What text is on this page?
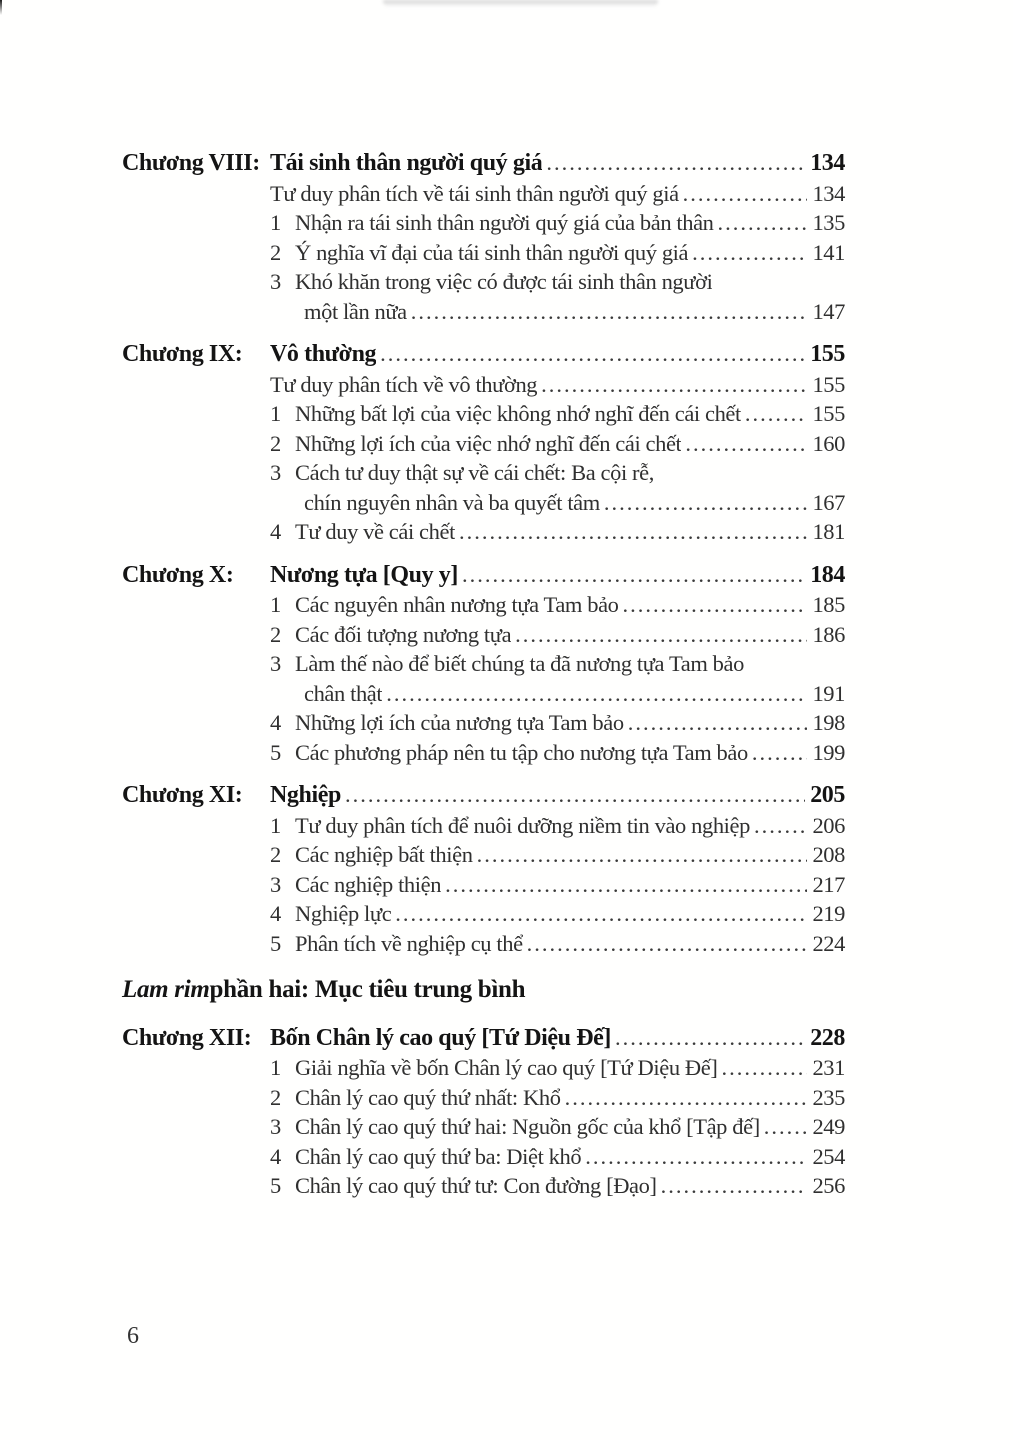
Chương VIII: Tái sinh thân người quý giá .....	134
Tư duy phân tích về tái sinh thân người quý giá .....	134
1 Nhận ra tái sinh thân người quý giá của bản thân .....	135
2 Ý nghĩa vĩ đại của tái sinh thân người quý giá .....	141
3 Khó khăn trong việc có được tái sinh thân người
một lần nữa .....	147
Chương IX:	Vô thường .....	155
Tư duy phân tích về vô thường .....	155
1 Những bất lợi của việc không nhớ nghĩ đến cái chết .....	155
2 Những lợi ích của việc nhớ nghĩ đến cái chết .....	160
3 Cách tư duy thật sự về cái chết: Ba cội rễ,
chín nguyên nhân và ba quyết tâm .....	167
4 Tư duy về cái chết .....	181
Chương X:	Nương tựa [Quy y] .....	184
1 Các nguyên nhân nương tựa Tam bảo .....	185
2 Các đối tượng nương tựa .....	186
3 Làm thế nào để biết chúng ta đã nương tựa Tam bảo
chân thật .....	191
4 Những lợi ích của nương tựa Tam bảo .....	198
5 Các phương pháp nên tu tập cho nương tựa Tam bảo .....	199
Chương XI:	Nghiệp .....	205
1 Tư duy phân tích để nuôi dưỡng niềm tin vào nghiệp .....	206
2 Các nghiệp bất thiện .....	208
3 Các nghiệp thiện .....	217
4 Nghiệp lực .....	219
5 Phân tích về nghiệp cụ thể .....	224
Lam rim phần hai: Mục tiêu trung bình
Chương XII: Bốn Chân lý cao quý [Tứ Diệu Đế] .....	228
1 Giải nghĩa về bốn Chân lý cao quý [Tứ Diệu Đế] .....	231
2 Chân lý cao quý thứ nhất: Khổ .....	235
3 Chân lý cao quý thứ hai: Nguồn gốc của khổ [Tập đế] ..... 249
4 Chân lý cao quý thứ ba: Diệt khổ .....	254
5 Chân lý cao quý thứ tư: Con đường [Đạo] .....	256
6
